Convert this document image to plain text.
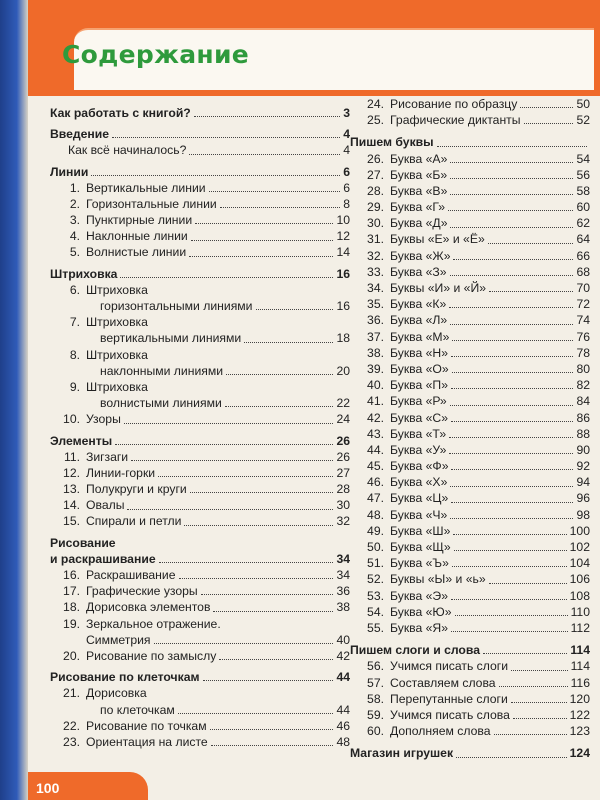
Содержание
Как работать с книгой?	3
Введение	4
Как всё начиналось?	4
Линии	6
1. Вертикальные линии	6
2. Горизонтальные линии	8
3. Пунктирные линии	10
4. Наклонные линии	12
5. Волнистые линии	14
Штриховка	16
6. Штриховка
горизонтальными линиями	16
7. Штриховка
вертикальными линиями	18
8. Штриховка
наклонными линиями	20
9. Штриховка
волнистыми линиями	22
10. Узоры	24
Элементы	26
11. Зигзаги	26
12. Линии-горки	27
13. Полукруги и круги	28
14. Овалы	30
15. Спирали и петли	32
Рисование
и раскрашивание	34
16. Раскрашивание	34
17. Графические узоры	36
18. Дорисовка элементов	38
19. Зеркальное отражение.
Симметрия	40
20. Рисование по замыслу	42
Рисование по клеточкам	44
21. Дорисовка
по клеточкам	44
22. Рисование по точкам	46
23. Ориентация на листе	48
24. Рисование по образцу	50
25. Графические диктанты	52
Пишем буквы
26. Буква «А»	54
27. Буква «Б»	56
28. Буква «В»	58
29. Буква «Г»	60
30. Буква «Д»	62
31. Буквы «Е» и «Ё»	64
32. Буква «Ж»	66
33. Буква «З»	68
34. Буквы «И» и «Й»	70
35. Буква «К»	72
36. Буква «Л»	74
37. Буква «М»	76
38. Буква «Н»	78
39. Буква «О»	80
40. Буква «П»	82
41. Буква «Р»	84
42. Буква «С»	86
43. Буква «Т»	88
44. Буква «У»	90
45. Буква «Ф»	92
46. Буква «Х»	94
47. Буква «Ц»	96
48. Буква «Ч»	98
49. Буква «Ш»	100
50. Буква «Щ»	102
51. Буква «Ъ»	104
52. Буквы «Ы» и «ь»	106
53. Буква «Э»	108
54. Буква «Ю»	110
55. Буква «Я»	112
Пишем слоги и слова	114
56. Учимся писать слоги	114
57. Составляем слова	116
58. Перепутанные слоги	120
59. Учимся писать слова	122
60. Дополняем слова	123
Магазин игрушек	124
100
